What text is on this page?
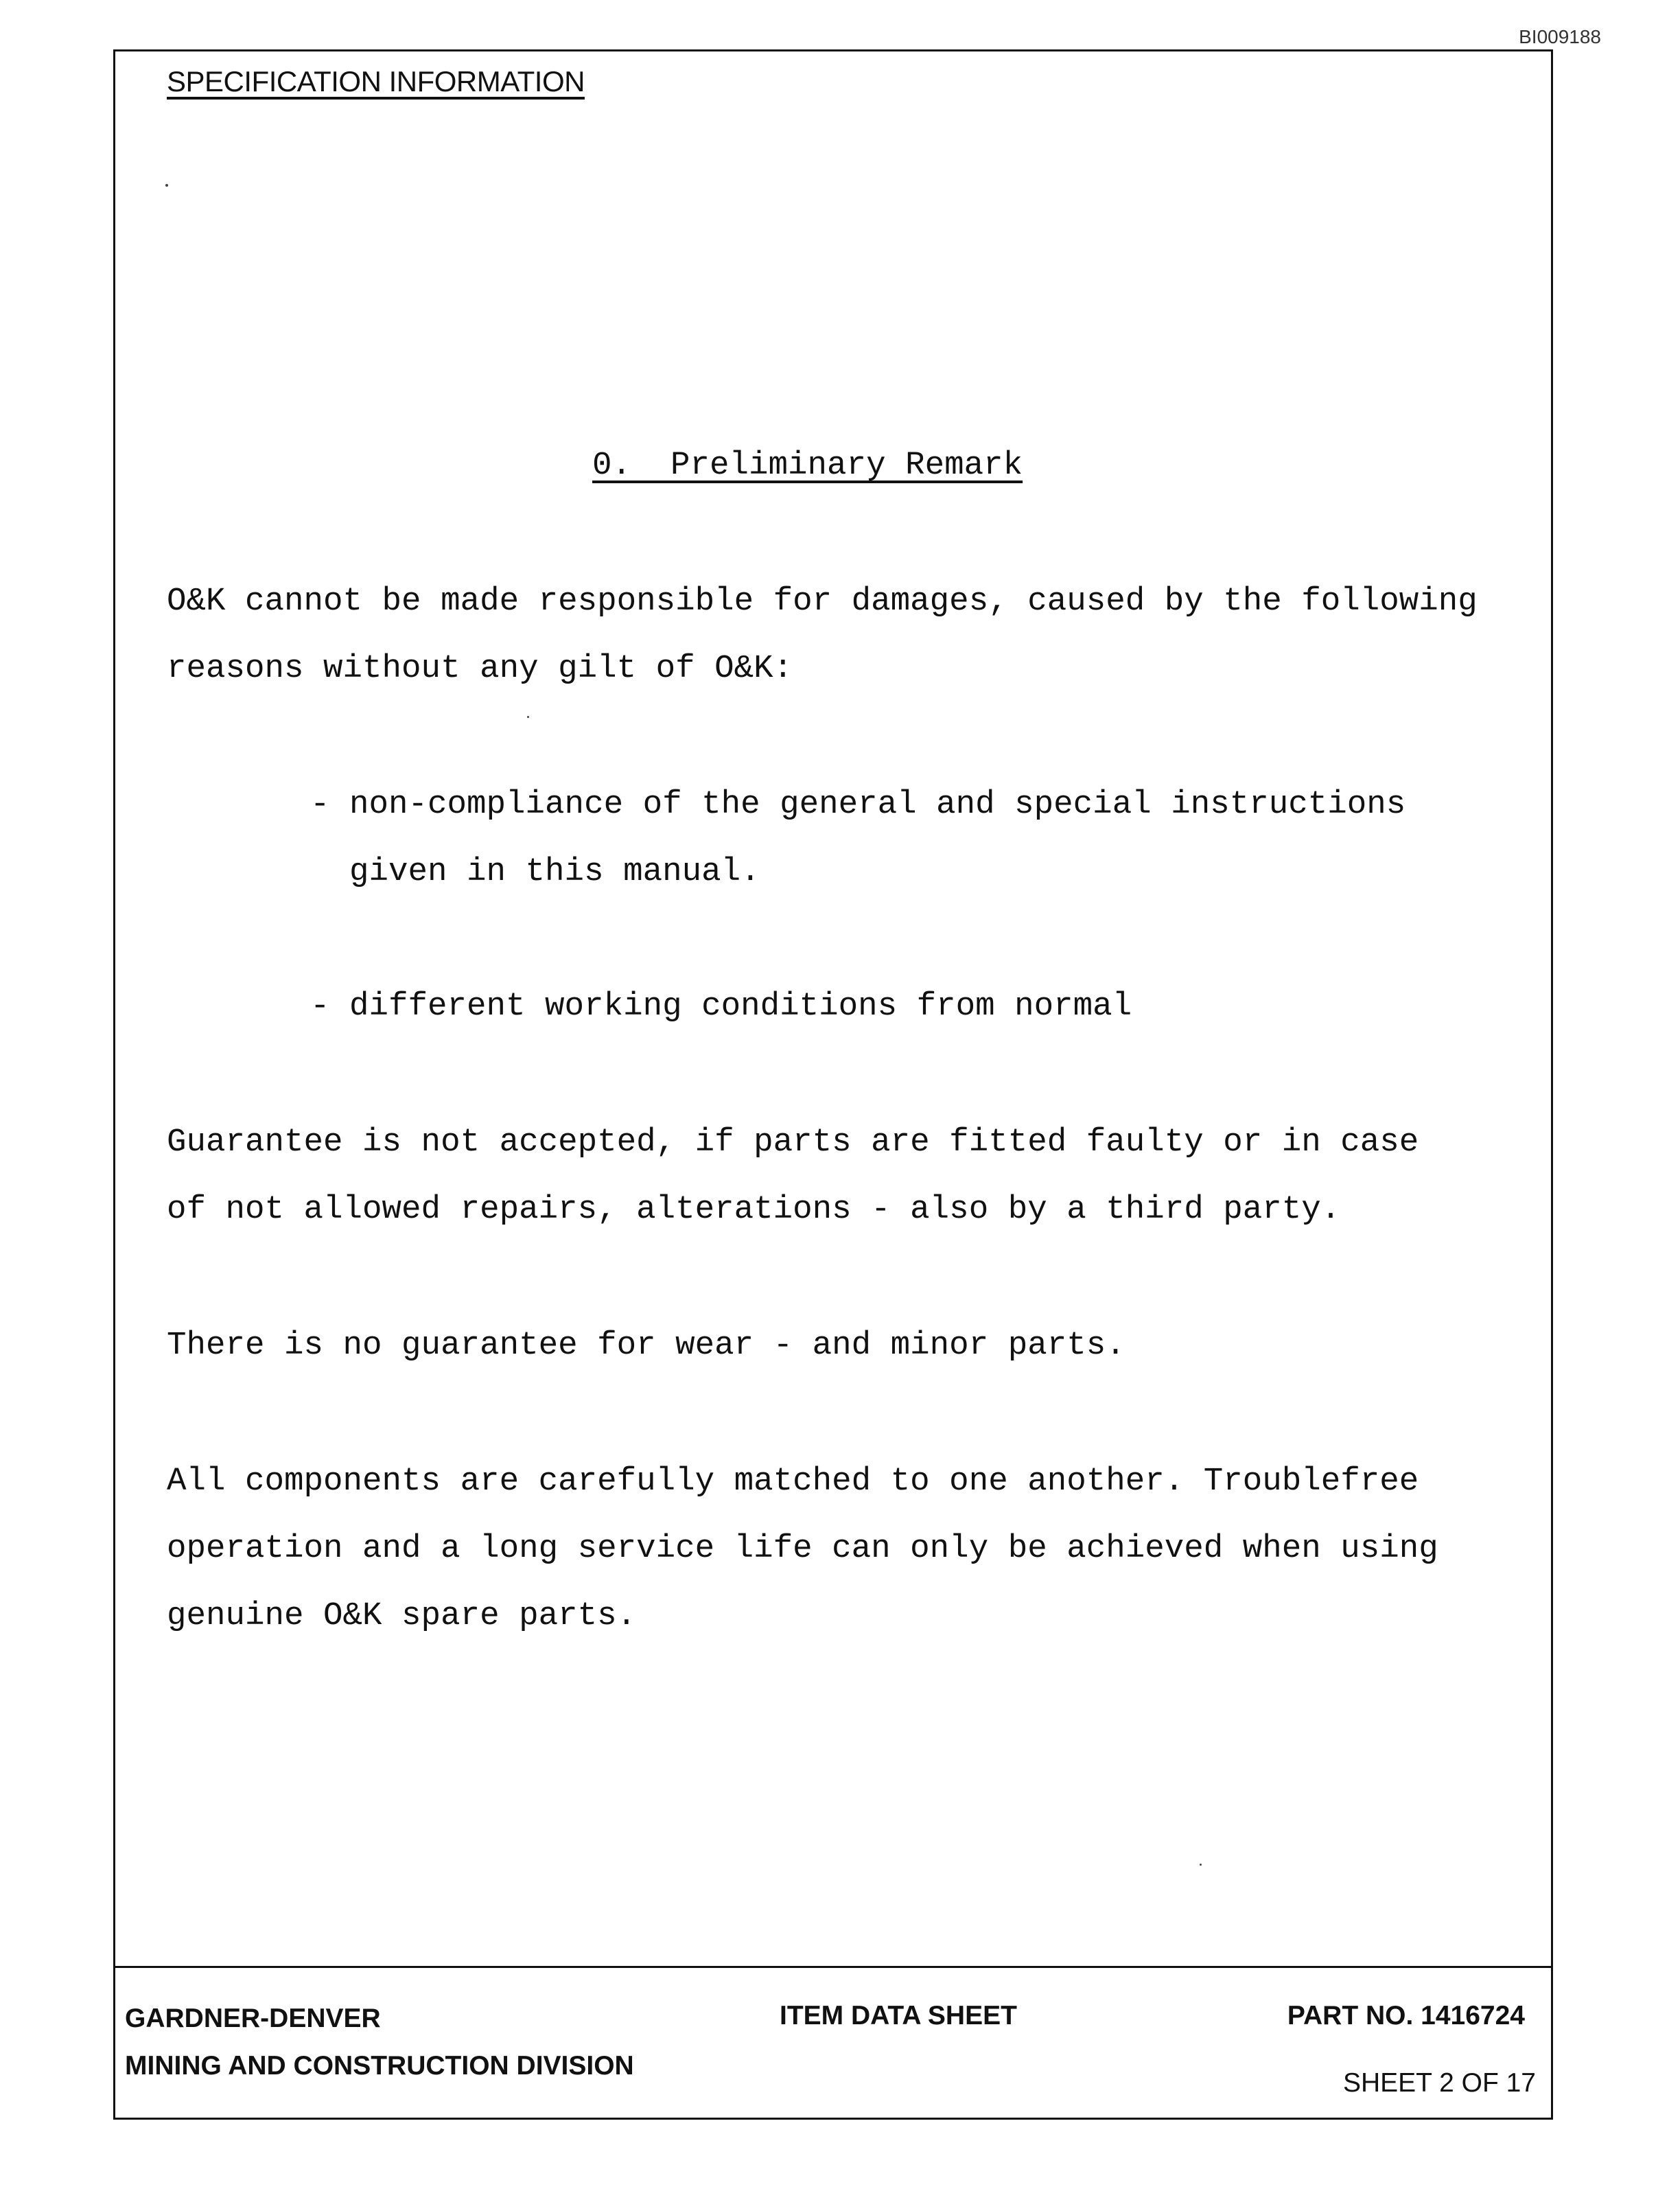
BI009188
SPECIFICATION INFORMATION
0.  Preliminary Remark
O&K cannot be made responsible for damages, caused by the following
reasons without any gilt of O&K:
- non-compliance of the general and special instructions
given in this manual.
- different working conditions from normal
Guarantee is not accepted, if parts are fitted faulty or in case
of not allowed repairs, alterations - also by a third party.
There is no guarantee for wear - and minor parts.
All components are carefully matched to one another. Troublefree
operation and a long service life can only be achieved when using
genuine O&K spare parts.
GARDNER-DENVER
MINING AND CONSTRUCTION DIVISION
ITEM DATA SHEET	PART NO. 1416724
SHEET 2 OF 17
